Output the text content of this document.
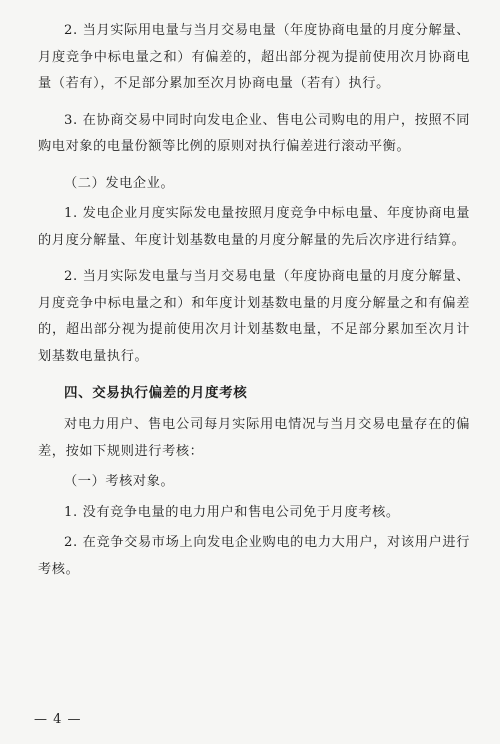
2. 当月实际用电量与当月交易电量（年度协商电量的月度分解量、月度竞争中标电量之和）有偏差的，超出部分视为提前使用次月协商电量（若有），不足部分累加至次月协商电量（若有）执行。

3. 在协商交易中同时向发电企业、售电公司购电的用户，按照不同购电对象的电量份额等比例的原则对执行偏差进行滚动平衡。

（二）发电企业。

1. 发电企业月度实际发电量按照月度竞争中标电量、年度协商电量的月度分解量、年度计划基数电量的月度分解量的先后次序进行结算。

2. 当月实际发电量与当月交易电量（年度协商电量的月度分解量、月度竞争中标电量之和）和年度计划基数电量的月度分解量之和有偏差的，超出部分视为提前使用次月计划基数电量，不足部分累加至次月计划基数电量执行。

四、交易执行偏差的月度考核

对电力用户、售电公司每月实际用电情况与当月交易电量存在的偏差，按如下规则进行考核：

（一）考核对象。

1. 没有竞争电量的电力用户和售电公司免于月度考核。

2. 在竞争交易市场上向发电企业购电的电力大用户，对该用户进行考核。

— 4 —
